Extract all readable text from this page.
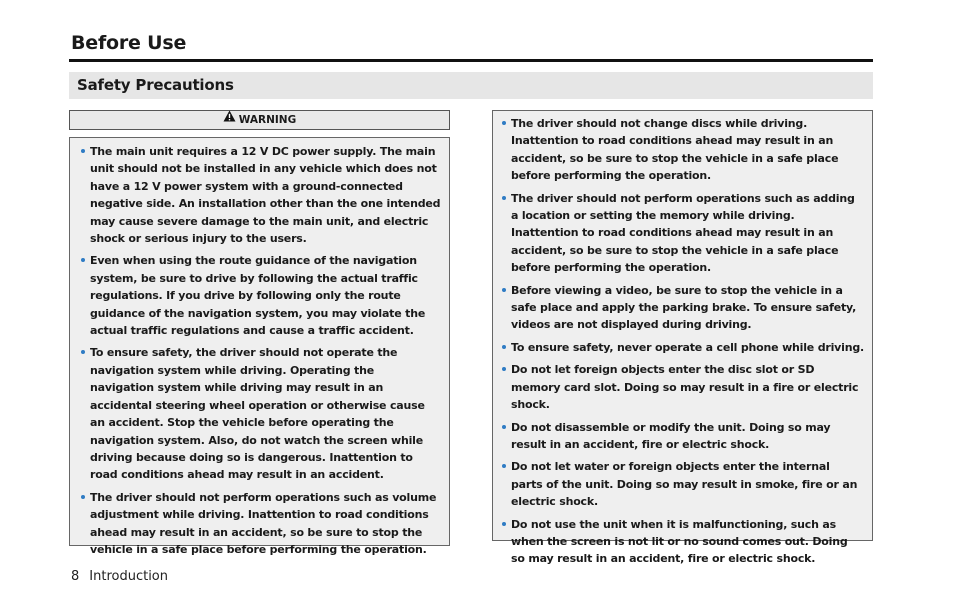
Before Use
Safety Precautions
WARNING
The main unit requires a 12 V DC power supply. The main unit should not be installed in any vehicle which does not have a 12 V power system with a ground-connected negative side. An installation other than the one intended may cause severe damage to the main unit, and electric shock or serious injury to the users.
Even when using the route guidance of the navigation system, be sure to drive by following the actual traffic regulations. If you drive by following only the route guidance of the navigation system, you may violate the actual traffic regulations and cause a traffic accident.
To ensure safety, the driver should not operate the navigation system while driving. Operating the navigation system while driving may result in an accidental steering wheel operation or otherwise cause an accident. Stop the vehicle before operating the navigation system. Also, do not watch the screen while driving because doing so is dangerous. Inattention to road conditions ahead may result in an accident.
The driver should not perform operations such as volume adjustment while driving. Inattention to road conditions ahead may result in an accident, so be sure to stop the vehicle in a safe place before performing the operation.
The driver should not change discs while driving. Inattention to road conditions ahead may result in an accident, so be sure to stop the vehicle in a safe place before performing the operation.
The driver should not perform operations such as adding a location or setting the memory while driving. Inattention to road conditions ahead may result in an accident, so be sure to stop the vehicle in a safe place before performing the operation.
Before viewing a video, be sure to stop the vehicle in a safe place and apply the parking brake. To ensure safety, videos are not displayed during driving.
To ensure safety, never operate a cell phone while driving.
Do not let foreign objects enter the disc slot or SD memory card slot. Doing so may result in a fire or electric shock.
Do not disassemble or modify the unit. Doing so may result in an accident, fire or electric shock.
Do not let water or foreign objects enter the internal parts of the unit. Doing so may result in smoke, fire or an electric shock.
Do not use the unit when it is malfunctioning, such as when the screen is not lit or no sound comes out. Doing so may result in an accident, fire or electric shock.
8 Introduction
